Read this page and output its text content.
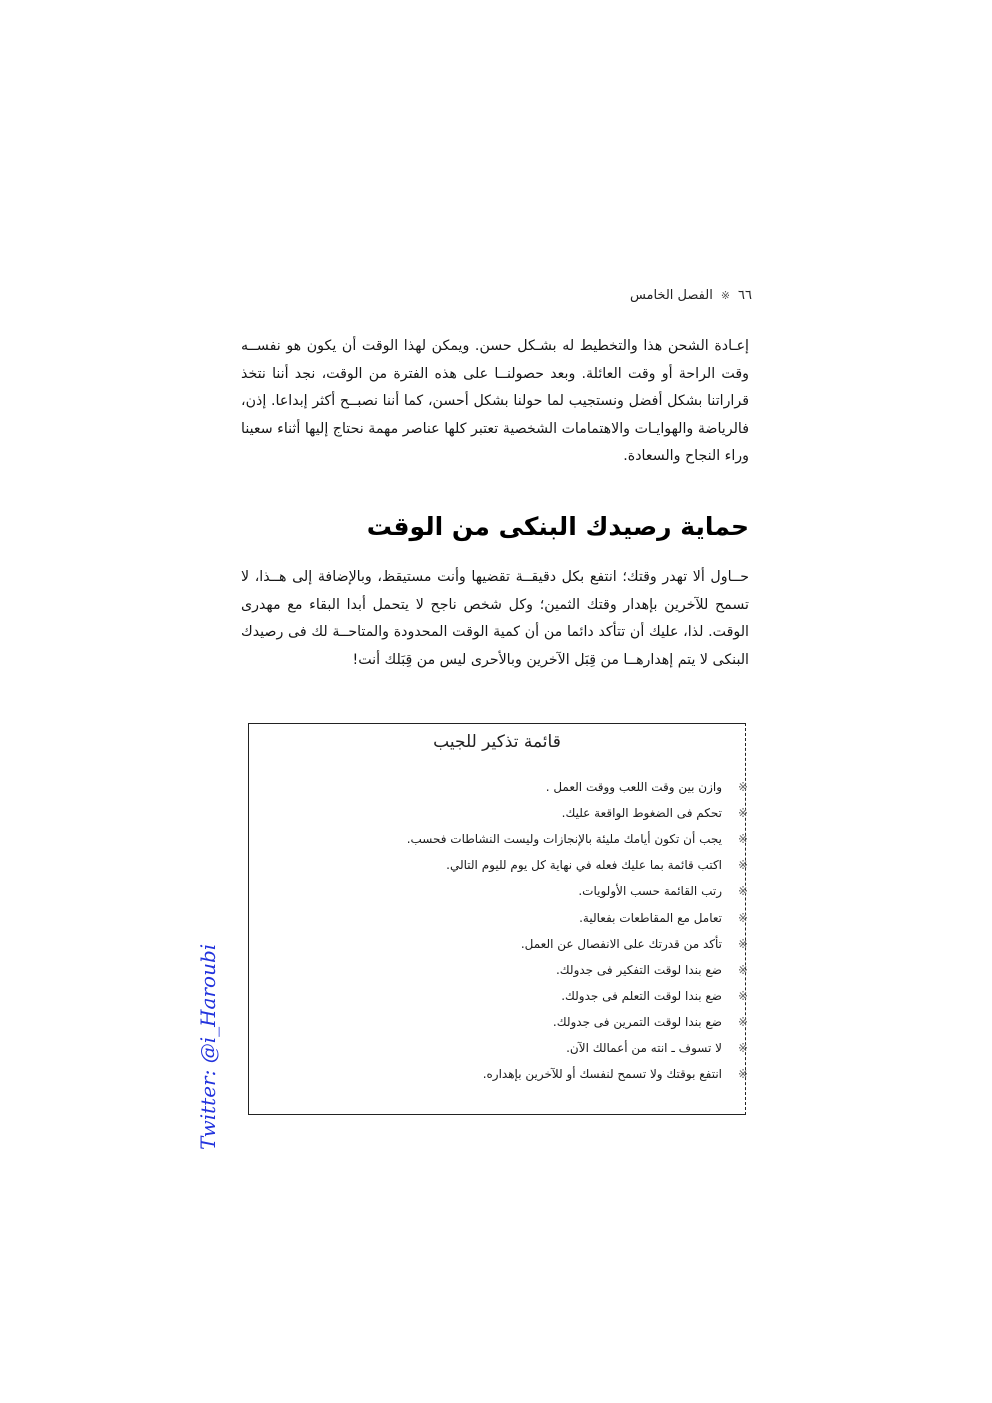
٦٦
※
الفصل الخامس
إعـادة الشحن هذا والتخطيط له بشـكل حسن. ويمكن لهذا الوقت أن يكون هو نفســه وقت الراحة أو وقت العائلة. وبعد حصولنــا على هذه الفترة من الوقت، نجد أننا نتخذ قراراتنا بشكل أفضل ونستجيب لما حولنا بشكل أحسن، كما أننا نصبــح أكثر إبداعا. إذن، فالرياضة والهوايـات والاهتمامات الشخصية تعتبر كلها عناصر مهمة نحتاج إليها أثناء سعينا وراء النجاح والسعادة.
حماية رصيدك البنكى من الوقت
حــاول ألا تهدر وقتك؛ انتفع بكل دقيقــة تقضيها وأنت مستيقظ، وبالإضافة إلى هــذا، لا تسمح للآخرين بإهدار وقتك الثمين؛ وكل شخص ناجح لا يتحمل أبدا البقاء مع مهدرى الوقت. لذا، عليك أن تتأكد دائما من أن كمية الوقت المحدودة والمتاحــة لك فى رصيدك البنكى لا يتم إهدارهــا من قِبَل الآخرين وبالأحرى ليس من قِبَلك أنت!
قائمة تذكير للجيب
※
وازن بين وقت اللعب ووقت العمل .
※
تحكم فى الضغوط الواقعة عليك.
※
يجب أن تكون أيامك مليئة بالإنجازات وليست النشاطات فحسب.
※
اكتب قائمة بما عليك فعله في نهاية كل يوم لليوم التالي.
※
رتب القائمة حسب الأولويات.
※
تعامل مع المقاطعات بفعالية.
※
تأكد من قدرتك على الانفصال عن العمل.
※
ضع بندا لوقت التفكير فى جدولك.
※
ضع بندا لوقت التعلم فى جدولك.
※
ضع بندا لوقت التمرين فى جدولك.
※
لا تسوف ـ انته من أعمالك الآن.
※
انتفع بوقتك ولا تسمح لنفسك أو للآخرين بإهداره.
Twitter: @i_Haroubi
